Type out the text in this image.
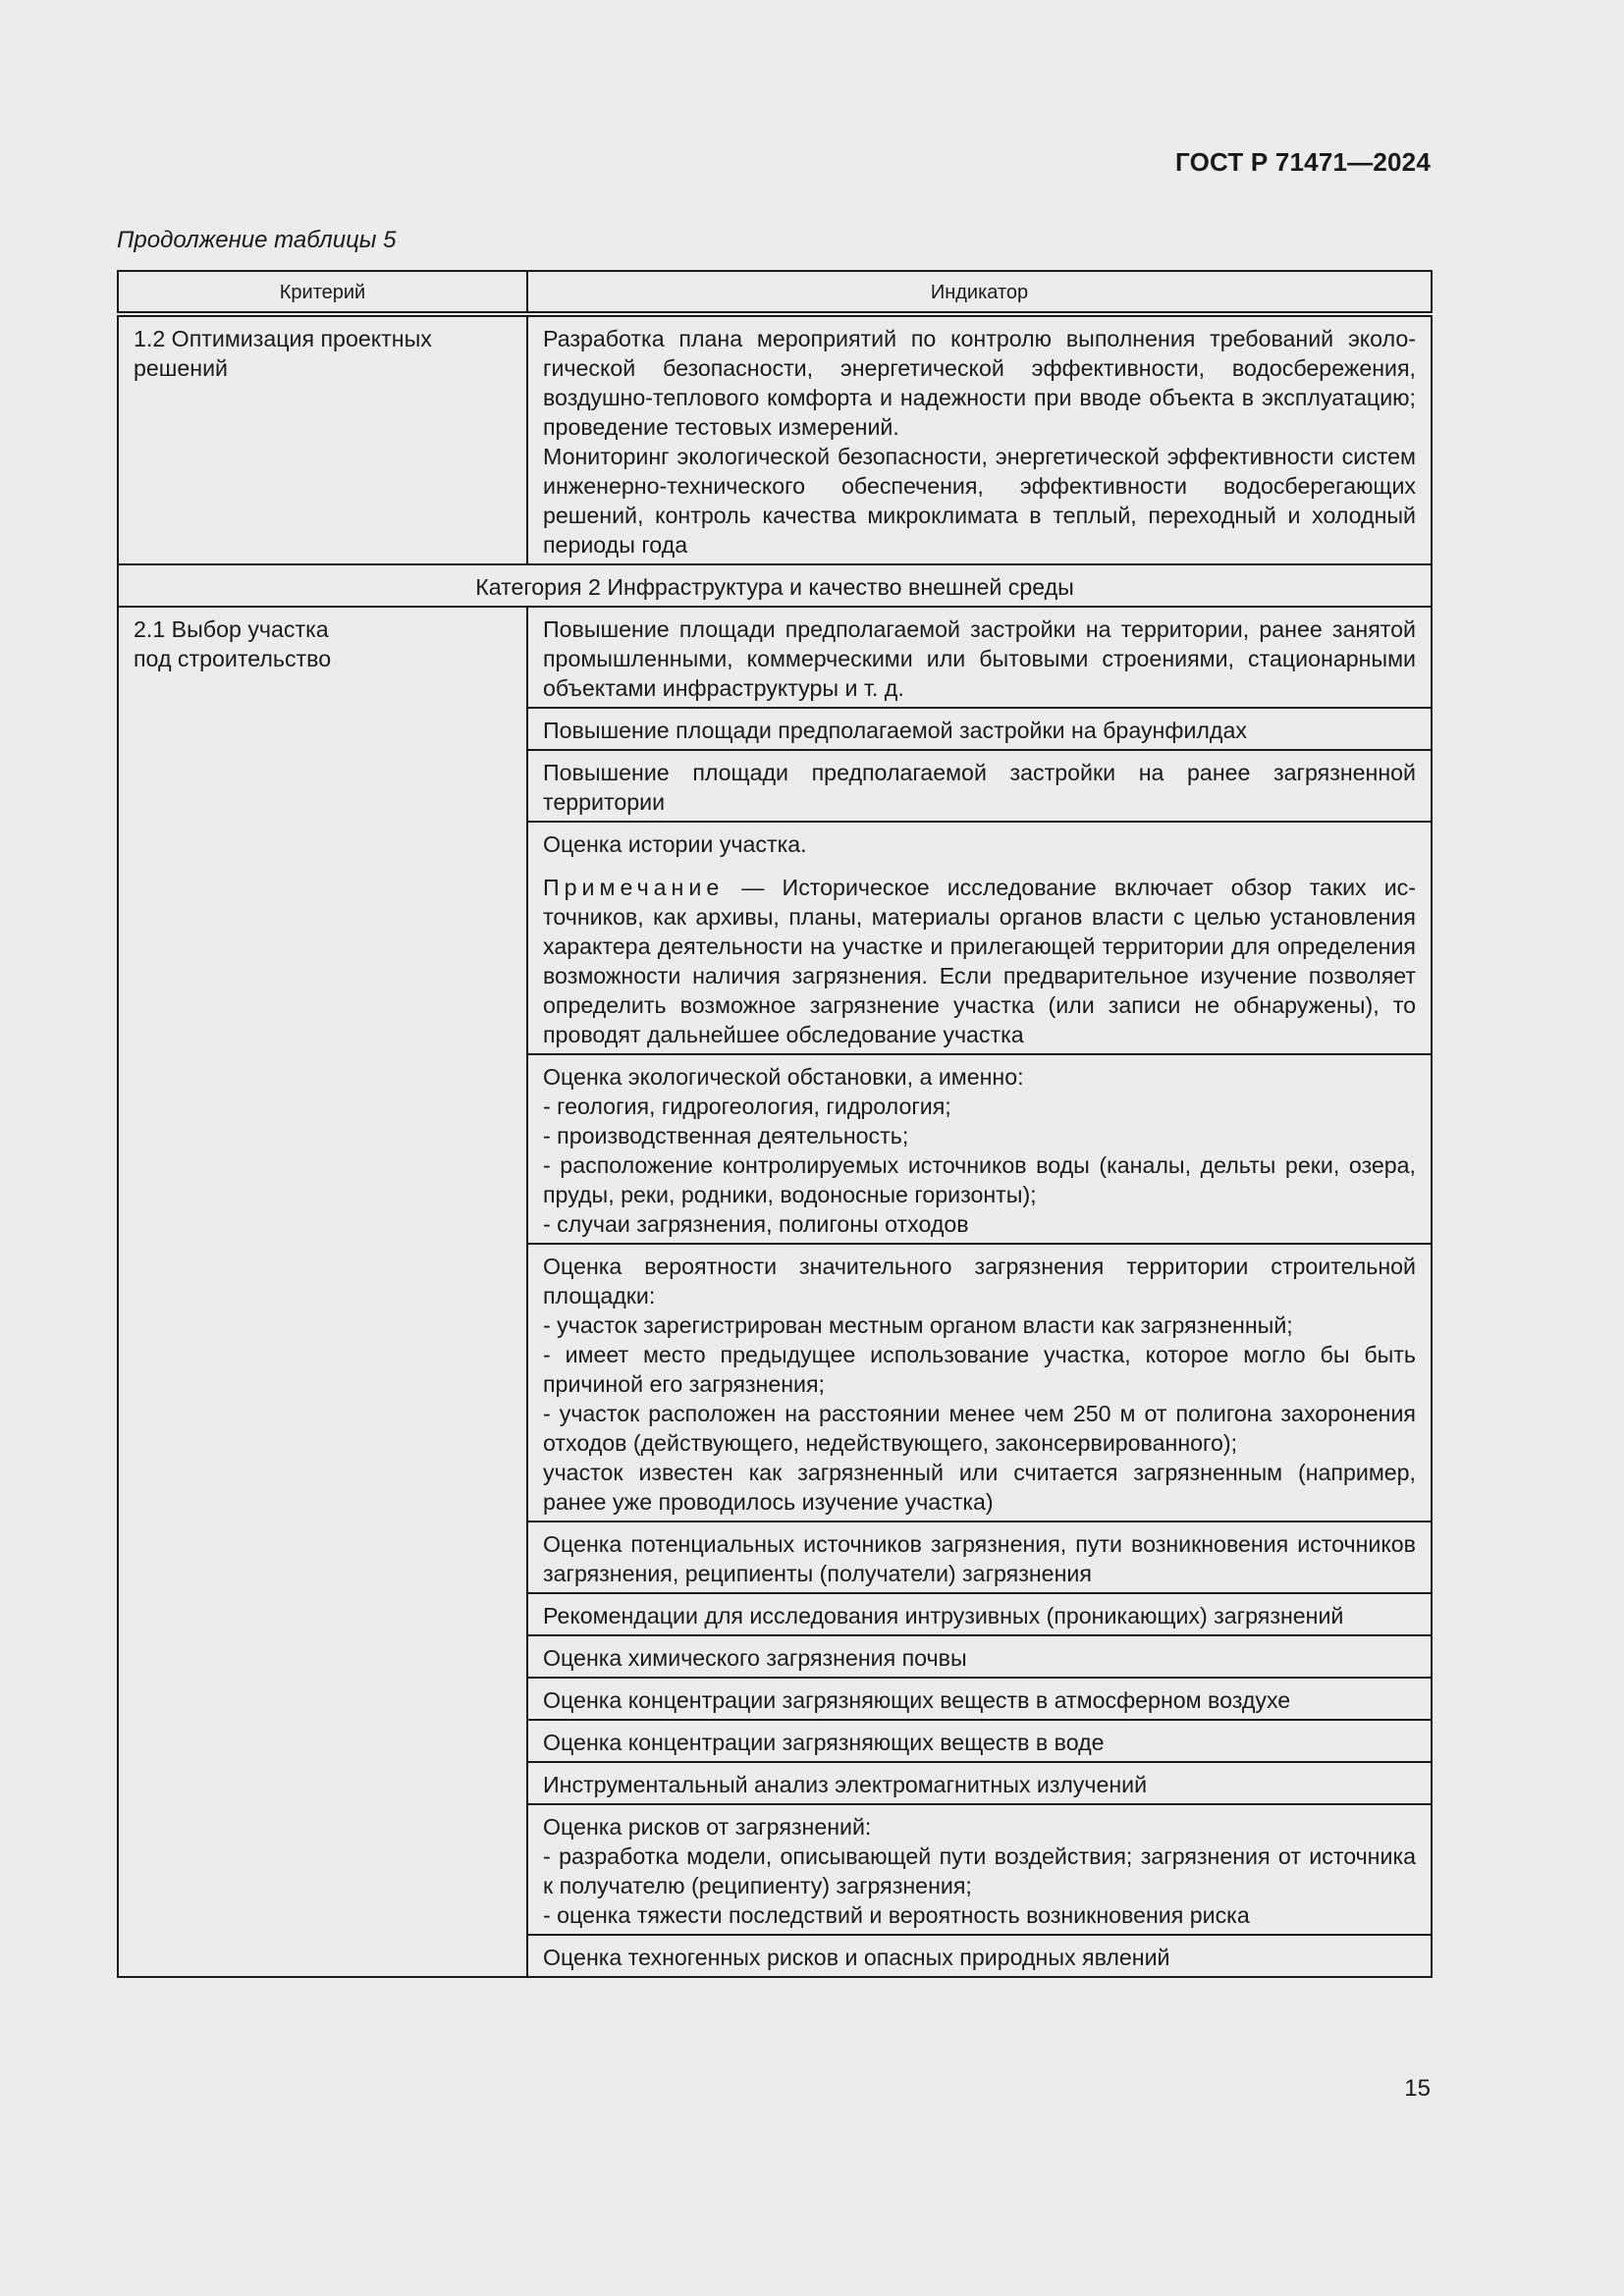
ГОСТ Р 71471—2024
Продолжение таблицы 5
Критерий	Индикатор
1.2 Оптимизация проектных решений	Разработка плана мероприятий по контролю выполнения требований экологической безопасности, энергетической эффективности, водосбережения, воздушно-теплового комфорта и надежности при вводе объекта в эксплуатацию; проведение тестовых измерений.
Мониторинг экологической безопасности, энергетической эффективности систем инженерно-технического обеспечения, эффективности водосберегающих решений, контроль качества микроклимата в теплый, переходный и холодный периоды года

Категория 2 Инфраструктура и качество внешней среды	

2.1 Выбор участка
под строительство	Повышение площади предполагаемой застройки на территории, ранее занятой промышленными, коммерческими или бытовыми строениями, стационарными объектами инфраструктуры и т. д.
	Повышение площади предполагаемой застройки на браунфилдах
	Повышение площади предполагаемой застройки на ранее загрязненной территории

	Оценка истории участка.
Примечание — Историческое исследование включает обзор таких источников, как архивы, планы, материалы органов власти с целью установления характера деятельности на участке и прилегающей территории для определения возможности наличия загрязнения. Если предварительное изучение позволяет определить возможное загрязнение участка (или записи не обнаружены), то проводят дальнейшее обследование участка

	Оценка экологической обстановки, а именно:
- геология, гидрогеология, гидрология;
- производственная деятельность;
- расположение контролируемых источников воды (каналы, дельты реки, озера, пруды, реки, родники, водоносные горизонты);
- случаи загрязнения, полигоны отходов

	Оценка вероятности значительного загрязнения территории строительной площадки:
- участок зарегистрирован местным органом власти как загрязненный;
- имеет место предыдущее использование участка, которое могло бы быть причиной его загрязнения;
- участок расположен на расстоянии менее чем 250 м от полигона захоронения отходов (действующего, недействующего, законсервированного);
участок известен как загрязненный или считается загрязненным (например, ранее уже проводилось изучение участка)

	Оценка потенциальных источников загрязнения, пути возникновения источников загрязнения, реципиенты (получатели) загрязнения
	Рекомендации для исследования интрузивных (проникающих) загрязнений
	Оценка химического загрязнения почвы
	Оценка концентрации загрязняющих веществ в атмосферном воздухе
	Оценка концентрации загрязняющих веществ в воде
	Инструментальный анализ электромагнитных излучений

	Оценка рисков от загрязнений:
- разработка модели, описывающей пути воздействия; загрязнения от источника к получателю (реципиенту) загрязнения;
- оценка тяжести последствий и вероятность возникновения риска

	Оценка техногенных рисков и опасных природных явлений
15
